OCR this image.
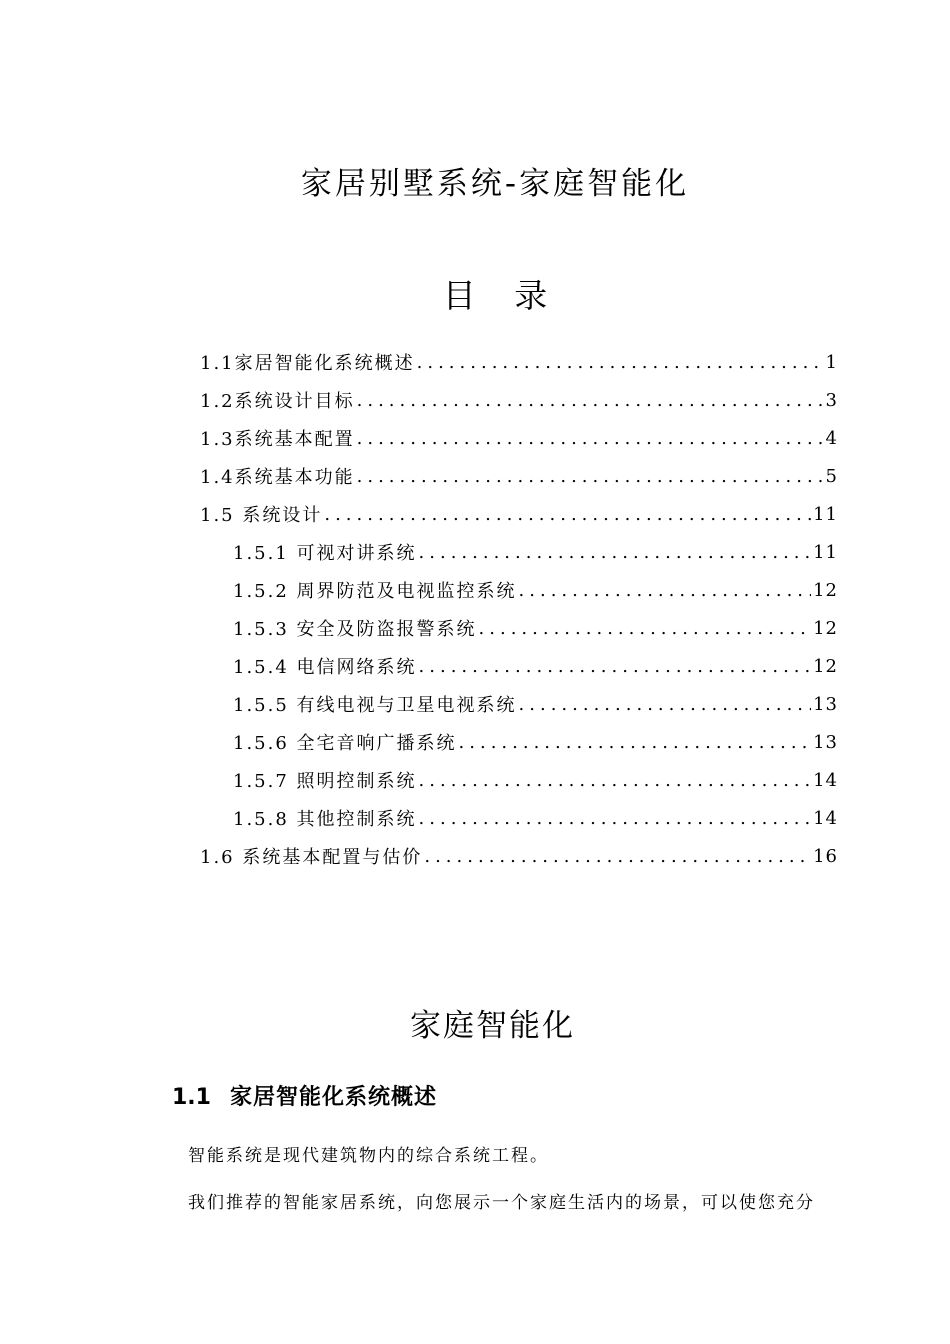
家居别墅系统-家庭智能化
目 录
1.1家居智能化系统概述 .....	1
1.2系统设计目标 .....	3
1.3系统基本配置 .....	4
1.4系统基本功能 .....	5
1.5 系统设计 .....	11
1.5.1 可视对讲系统 .....	11
1.5.2 周界防范及电视监控系统 .....	12
1.5.3 安全及防盗报警系统 .....	12
1.5.4 电信网络系统 .....	12
1.5.5 有线电视与卫星电视系统 .....	13
1.5.6 全宅音响广播系统 .....	13
1.5.7 照明控制系统 .....	14
1.5.8 其他控制系统 .....	14
1.6 系统基本配置与估价 .....	16
家庭智能化
1.1 家居智能化系统概述
智能系统是现代建筑物内的综合系统工程。
我们推荐的智能家居系统，向您展示一个家庭生活内的场景，可以使您充分
